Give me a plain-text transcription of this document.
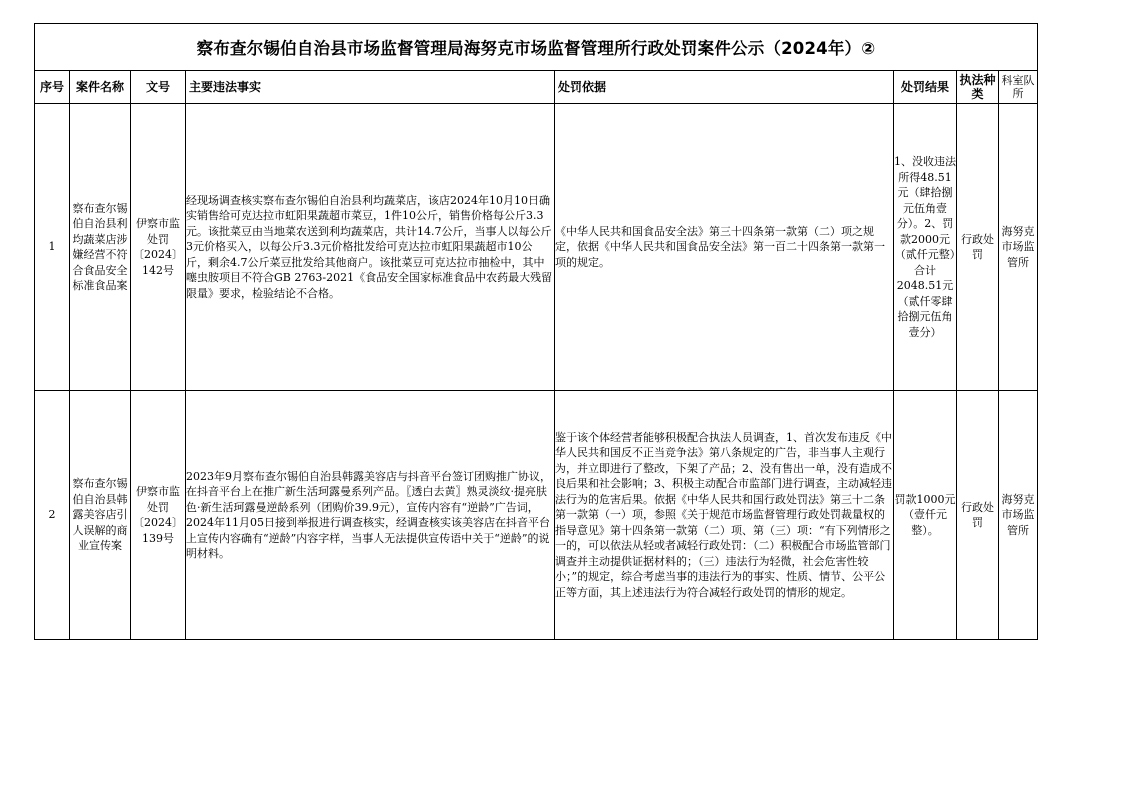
察布查尔锡伯自治县市场监督管理局海努克市场监督管理所行政处罚案件公示（2024年）②							
序号	案件名称	文号	主要违法事实	处罚依据	处罚结果	执法种类	科室队所
1	察布查尔锡伯自治县利均蔬菜店涉嫌经营不符合食品安全标准食品案	伊察市监处罚〔2024〕142号	经现场调查核实察布查尔锡伯自治县利均蔬菜店，该店2024年10月10日确实销售给可克达拉市虹阳果蔬超市菜豆，1件10公斤，销售价格每公斤3.3元。该批菜豆由当地菜农送到利均蔬菜店，共计14.7公斤，当事人以每公斤3元价格买入，以每公斤3.3元价格批发给可克达拉市虹阳果蔬超市10公斤，剩余4.7公斤菜豆批发给其他商户。该批菜豆可克达拉市抽检中，其中噻虫胺项目不符合GB 2763-2021《食品安全国家标准食品中农药最大残留限量》要求，检验结论不合格。	《中华人民共和国食品安全法》第三十四条第一款第（二）项之规定，依据《中华人民共和国食品安全法》第一百二十四条第一款第一项的规定。	1、没收违法所得48.51元（肆拾捌元伍角壹分）。2、罚款2000元（贰仟元整）合计2048.51元（贰仟零肆拾捌元伍角壹分）	行政处罚	海努克市场监管所
2	察布查尔锡伯自治县韩露美容店引人误解的商业宣传案	伊察市监处罚〔2024〕139号	2023年9月察布查尔锡伯自治县韩露美容店与抖音平台签订团购推广协议，在抖音平台上在推广新生活珂露曼系列产品。〖透白去黄〗熟灵淡纹·提亮肤色·新生活珂露曼逆龄系列（团购价39.9元），宣传内容有“逆龄”广告词，2024年11月05日接到举报进行调查核实，经调查核实该美容店在抖音平台上宣传内容确有“逆龄”内容字样，当事人无法提供宣传语中关于“逆龄”的说明材料。	鉴于该个体经营者能够积极配合执法人员调查，1、首次发布违反《中华人民共和国反不正当竞争法》第八条规定的广告，非当事人主观行为，并立即进行了整改，下架了产品；2、没有售出一单，没有造成不良后果和社会影响；3、积极主动配合市监部门进行调查，主动减轻违法行为的危害后果。依据《中华人民共和国行政处罚法》第三十二条第一款第（一）项，参照《关于规范市场监督管理行政处罚裁量权的指导意见》第十四条第一款第（二）项、第（三）项：“有下列情形之一的，可以依法从轻或者减轻行政处罚：（二）积极配合市场监管部门调查并主动提供证据材料的；（三）违法行为轻微，社会危害性较小；”的规定，综合考虑当事的违法行为的事实、性质、情节、公平公正等方面，其上述违法行为符合减轻行政处罚的情形的规定。	罚款1000元（壹仟元整）。	行政处罚	海努克市场监管所
